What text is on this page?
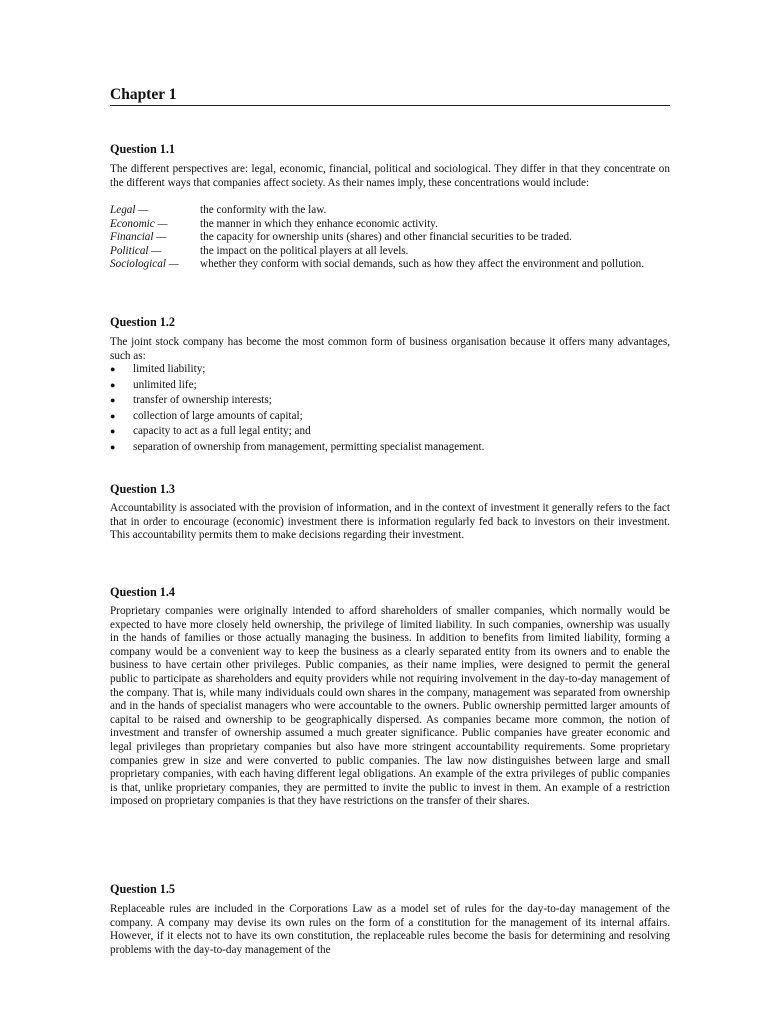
Chapter 1
Question 1.1
The different perspectives are: legal, economic, financial, political and sociological. They differ in that they concentrate on the different ways that companies affect society. As their names imply, these concentrations would include:
Legal —	the conformity with the law.
Economic —	the manner in which they enhance economic activity.
Financial —	the capacity for ownership units (shares) and other financial securities to be traded.
Political —	the impact on the political players at all levels.
Sociological —	whether they conform with social demands, such as how they affect the environment and pollution.
Question 1.2
The joint stock company has become the most common form of business organisation because it offers many advantages, such as:
●	limited liability;
●	unlimited life;
●	transfer of ownership interests;
●	collection of large amounts of capital;
●	capacity to act as a full legal entity; and
●	separation of ownership from management, permitting specialist management.
Question 1.3
Accountability is associated with the provision of information, and in the context of investment it generally refers to the fact that in order to encourage (economic) investment there is information regularly fed back to investors on their investment. This accountability permits them to make decisions regarding their investment.
Question 1.4
Proprietary companies were originally intended to afford shareholders of smaller companies, which normally would be expected to have more closely held ownership, the privilege of limited liability. In such companies, ownership was usually in the hands of families or those actually managing the business. In addition to benefits from limited liability, forming a company would be a convenient way to keep the business as a clearly separated entity from its owners and to enable the business to have certain other privileges. Public companies, as their name implies, were designed to permit the general public to participate as shareholders and equity providers while not requiring involvement in the day-to-day management of the company. That is, while many individuals could own shares in the company, management was separated from ownership and in the hands of specialist managers who were accountable to the owners. Public ownership permitted larger amounts of capital to be raised and ownership to be geographically dispersed. As companies became more common, the notion of investment and transfer of ownership assumed a much greater significance. Public companies have greater economic and legal privileges than proprietary companies but also have more stringent accountability requirements. Some proprietary companies grew in size and were converted to public companies. The law now distinguishes between large and small proprietary companies, with each having different legal obligations. An example of the extra privileges of public companies is that, unlike proprietary companies, they are permitted to invite the public to invest in them. An example of a restriction imposed on proprietary companies is that they have restrictions on the transfer of their shares.
Question 1.5
Replaceable rules are included in the Corporations Law as a model set of rules for the day-to-day management of the company. A company may devise its own rules on the form of a constitution for the management of its internal affairs. However, if it elects not to have its own constitution, the replaceable rules become the basis for determining and resolving problems with the day-to-day management of the
